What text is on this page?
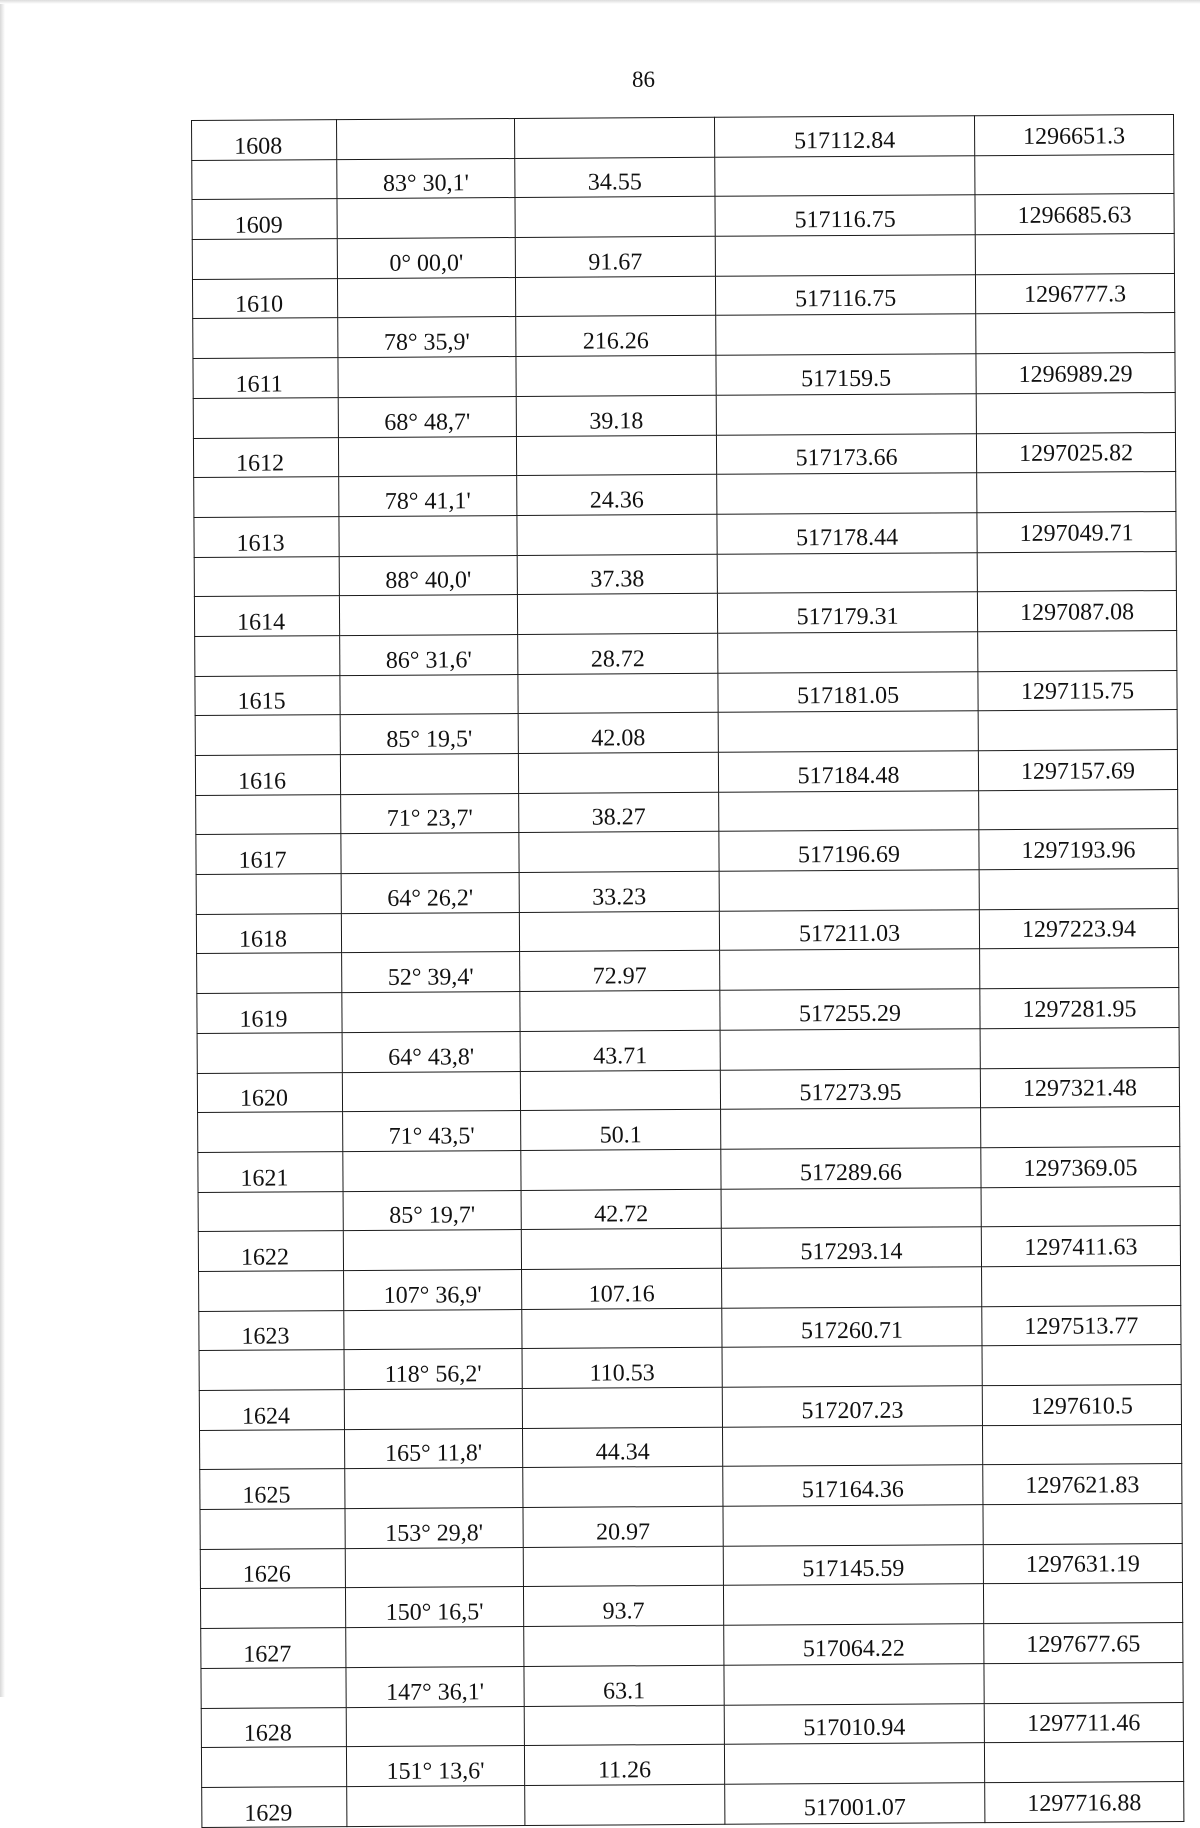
86
1608			517112.84	1296651.3
	83° 30,1'	34.55		
1609			517116.75	1296685.63
	0° 00,0'	91.67		
1610			517116.75	1296777.3
	78° 35,9'	216.26		
1611			517159.5	1296989.29
	68° 48,7'	39.18		
1612			517173.66	1297025.82
	78° 41,1'	24.36		
1613			517178.44	1297049.71
	88° 40,0'	37.38		
1614			517179.31	1297087.08
	86° 31,6'	28.72		
1615			517181.05	1297115.75
	85° 19,5'	42.08		
1616			517184.48	1297157.69
	71° 23,7'	38.27		
1617			517196.69	1297193.96
	64° 26,2'	33.23		
1618			517211.03	1297223.94
	52° 39,4'	72.97		
1619			517255.29	1297281.95
	64° 43,8'	43.71		
1620			517273.95	1297321.48
	71° 43,5'	50.1		
1621			517289.66	1297369.05
	85° 19,7'	42.72		
1622			517293.14	1297411.63
	107° 36,9'	107.16		
1623			517260.71	1297513.77
	118° 56,2'	110.53		
1624			517207.23	1297610.5
	165° 11,8'	44.34		
1625			517164.36	1297621.83
	153° 29,8'	20.97		
1626			517145.59	1297631.19
	150° 16,5'	93.7		
1627			517064.22	1297677.65
	147° 36,1'	63.1		
1628			517010.94	1297711.46
	151° 13,6'	11.26		
1629			517001.07	1297716.88
